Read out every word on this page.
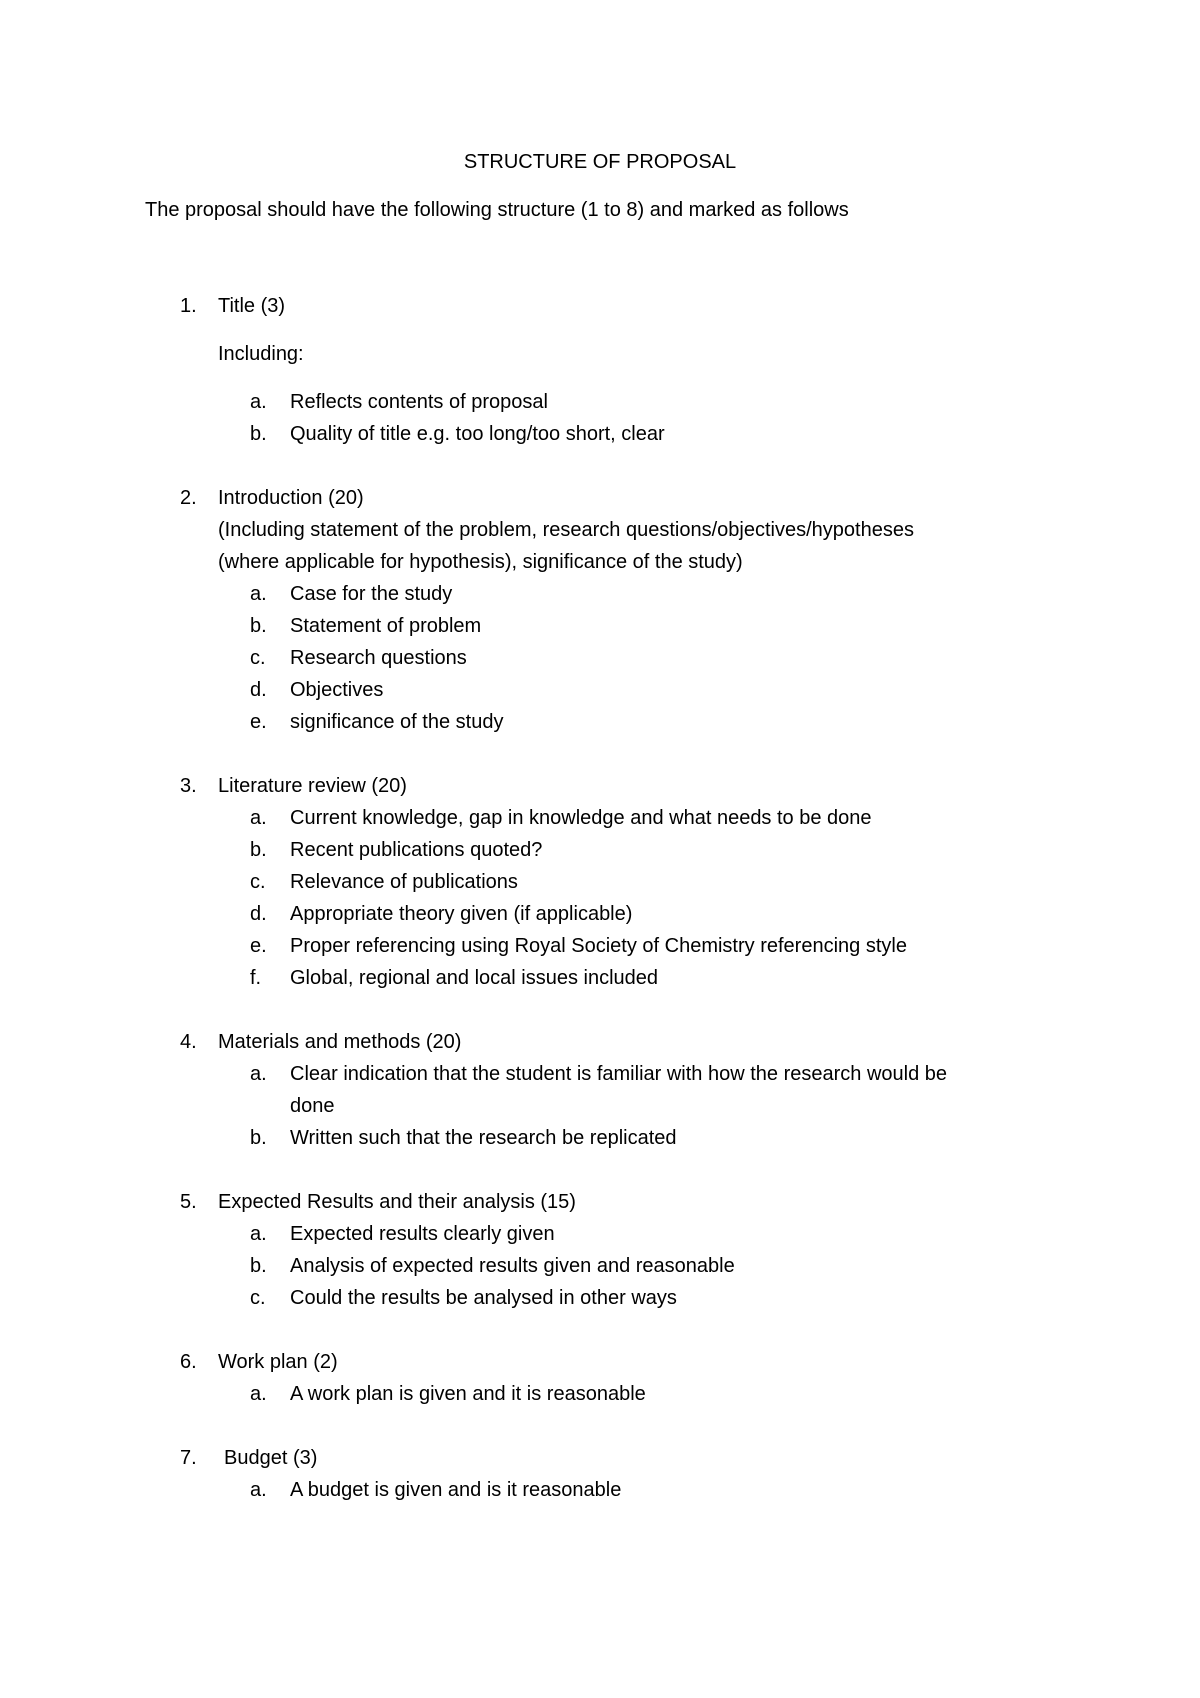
STRUCTURE OF PROPOSAL
The proposal should have the following structure (1 to 8) and marked as follows
1.	Title (3)
Including:
a.	Reflects contents of proposal
b.	Quality of title e.g. too long/too short, clear
2.	Introduction (20)
(Including statement of the problem, research questions/objectives/hypotheses
(where applicable for hypothesis), significance of the study)
a.	Case for the study
b.	Statement of problem
c.	Research questions
d.	Objectives
e.	significance of the study
3.	Literature review (20)
a.	Current knowledge, gap in knowledge and what needs to be done
b.	Recent publications quoted?
c.	Relevance of publications
d.	Appropriate theory given (if applicable)
e.	Proper referencing using Royal Society of Chemistry referencing style
f.	Global, regional and local issues included
4.	Materials and methods (20)
a.	Clear indication that the student is familiar with how the research would be
done
b.	Written such that the research be replicated
5.	Expected Results and their analysis (15)
a.	Expected results clearly given
b.	Analysis of expected results given and reasonable
c.	Could the results be analysed in other ways
6.	Work plan (2)
a.	A work plan is given and it is reasonable
7.	Budget (3)
a.	A budget is given and is it reasonable
